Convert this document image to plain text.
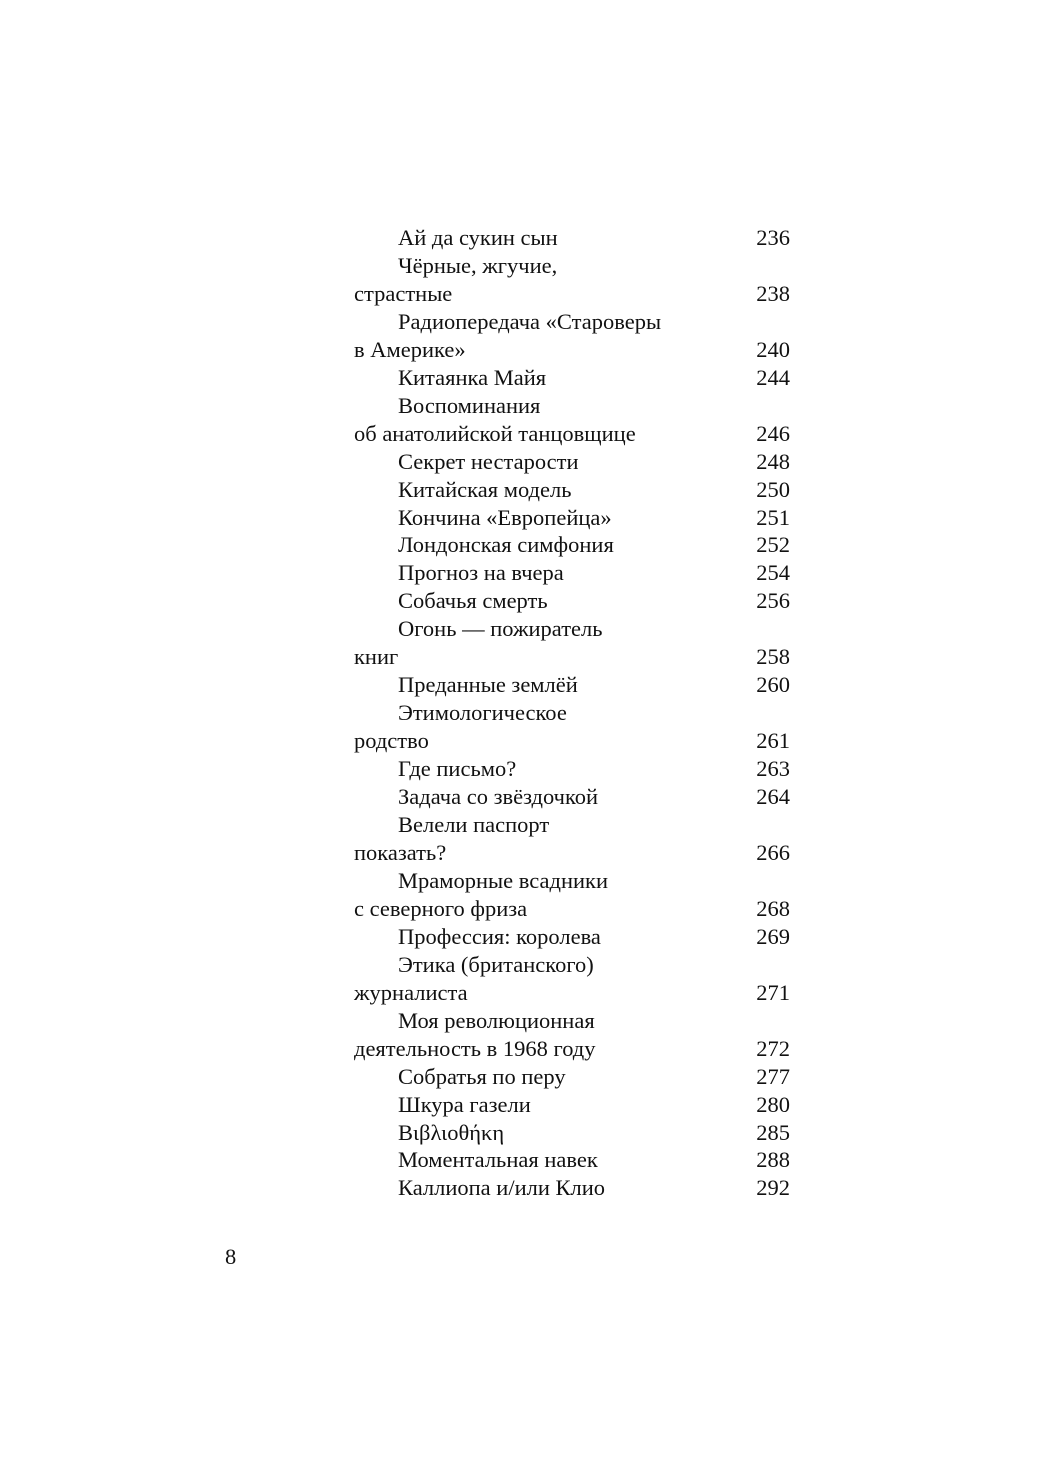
Ай да сукин сын	236
Чёрные, жгучие,
страстные	238
Радиопередача «Староверы
в Америке»	240
Китаянка Майя	244
Воспоминания
об анатолийской танцовщице	246
Секрет нестарости	248
Китайская модель	250
Кончина «Европейца»	251
Лондонская симфония	252
Прогноз на вчера	254
Собачья смерть	256
Огонь — пожиратель
книг	258
Преданные землёй	260
Этимологическое
родство	261
Где письмо?	263
Задача со звёздочкой	264
Велели паспорт
показать?	266
Мраморные всадники
с северного фриза	268
Профессия: королева	269
Этика (британского)
журналиста	271
Моя революционная
деятельность в 1968 году	272
Собратья по перу	277
Шкура газели	280
Βιβλιοθήκη	285
Моментальная навек	288
Каллиопа и/или Клио	292
8
